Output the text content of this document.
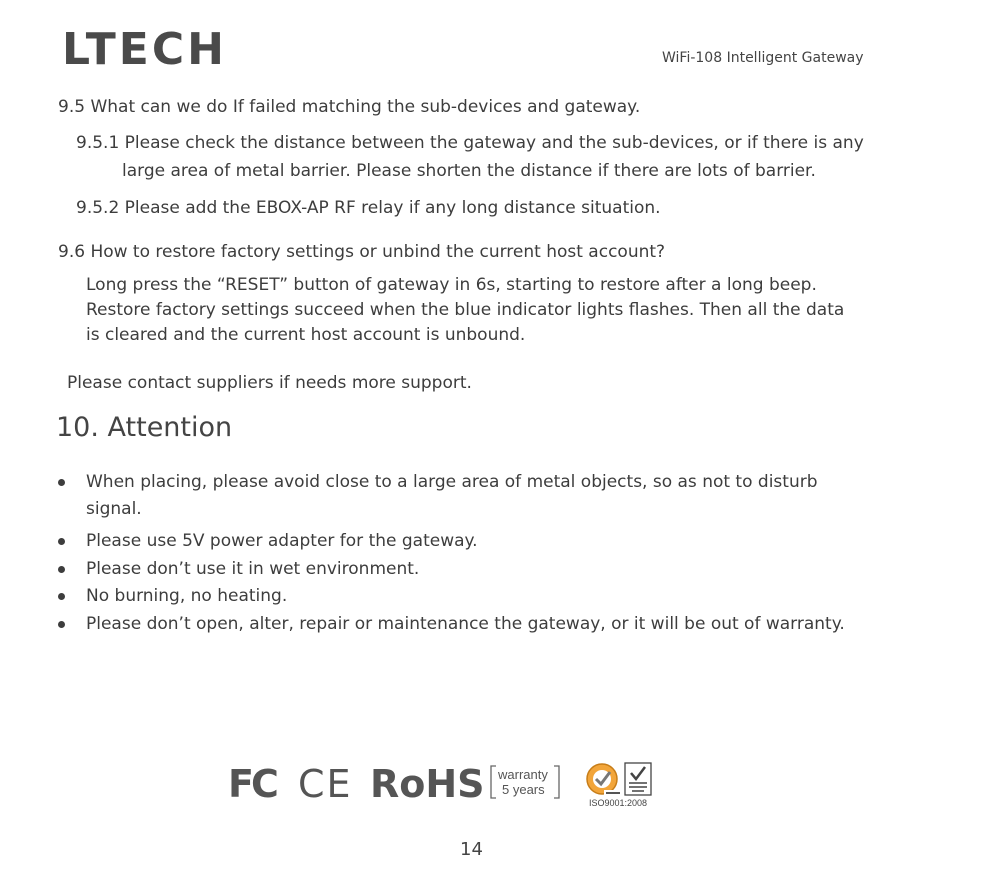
LTECH	WiFi-108 Intelligent Gateway
9.5 What can we do If failed matching the sub-devices and gateway.
9.5.1 Please check the distance between the gateway and the sub-devices, or if there is any
large area of metal barrier. Please shorten the distance if there are lots of barrier.
9.5.2 Please add the EBOX-AP RF relay if any long distance situation.
9.6 How to restore factory settings or unbind the current host account?
Long press the “RESET” button of gateway in 6s, starting to restore after a long beep.
Restore factory settings succeed when the blue indicator lights flashes. Then all the data
is cleared and the current host account is unbound.
Please contact suppliers if needs more support.
10. Attention
When placing, please avoid close to a large area of metal objects, so as not to disturb
signal.
Please use 5V power adapter for the gateway.
Please don’t use it in wet environment.
No burning, no heating.
Please don’t open, alter, repair or maintenance the gateway, or it will be out of warranty.
FC CE RoHS warranty
5 years
ISO9001:2008
14
